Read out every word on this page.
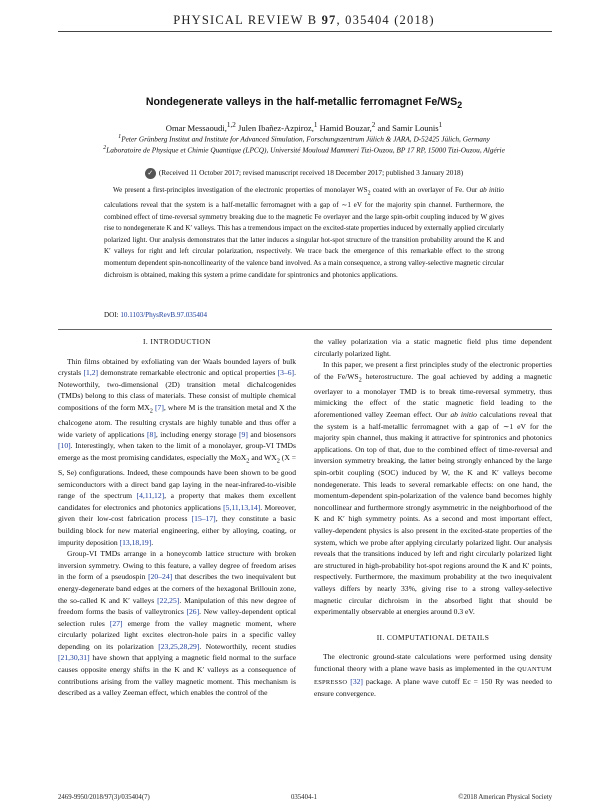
PHYSICAL REVIEW B 97, 035404 (2018)
Nondegenerate valleys in the half-metallic ferromagnet $Fe/WS_2$
Omar Messaoudi,$^{1,2}$ Julen Ibañez-Azpiroz,$^1$ Hamid Bouzar,$^2$ and Samir Lounis$^1$
$^1$Peter Grünberg Institut and Institute for Advanced Simulation, Forschungszentrum Jülich & JARA, D-52425 Jülich, Germany
$^2$Laboratoire de Physique et Chimie Quantique (LPCQ), Université Mouloud Mammeri Tizi-Ouzou, BP 17 RP, 15000 Tizi-Ouzou, Algérie
✓ (Received 11 October 2017; revised manuscript received 18 December 2017; published 3 January 2018)
We present a first-principles investigation of the electronic properties of monolayer $WS_2$ coated with an overlayer of Fe. Our ab initio calculations reveal that the system is a half-metallic ferromagnet with a gap of ∼1 eV for the majority spin channel. Furthermore, the combined effect of time-reversal symmetry breaking due to the magnetic Fe overlayer and the large spin-orbit coupling induced by W gives rise to nondegenerate K and K′ valleys. This has a tremendous impact on the excited-state properties induced by externally applied circularly polarized light. Our analysis demonstrates that the latter induces a singular hot-spot structure of the transition probability around the K and K′ valleys for right and left circular polarization, respectively. We trace back the emergence of this remarkable effect to the strong momentum dependent spin-noncollinearity of the valence band involved. As a main consequence, a strong valley-selective magnetic circular dichroism is obtained, making this system a prime candidate for spintronics and photonics applications.
DOI: 10.1103/PhysRevB.97.035404
I. INTRODUCTION

Thin films obtained by exfoliating van der Waals bounded layers of bulk crystals [1,2] demonstrate remarkable electronic and optical properties [3–6]. Noteworthily, two-dimensional (2D) transition metal dichalcogenides (TMDs) belong to this class of materials. These consist of multiple chemical compositions of the form $MX_2$ [7], where M is the transition metal and X the chalcogene atom. The resulting crystals are highly tunable and thus offer a wide variety of applications [8], including energy storage [9] and biosensors [10]. Interestingly, when taken to the limit of a monolayer, group-VI TMDs emerge as the most promising candidates, especially the MoX$_2$ and $WX_2$ (X = S, Se) configurations. Indeed, these compounds have been shown to be good semiconductors with a direct band gap laying in the near-infrared-to-visible range of the spectrum [4,11,12], a property that makes them excellent candidates for electronics and photonics applications [5,11,13,14]. Moreover, given their low-cost fabrication process [15–17], they constitute a basic building block for new material engineering, either by alloying, coating, or impurity deposition [13,18,19].

Group-VI TMDs arrange in a honeycomb lattice structure with broken inversion symmetry. Owing to this feature, a valley degree of freedom arises in the form of a pseudospin [20–24] that describes the two inequivalent but energy-degenerate band edges at the corners of the hexagonal Brillouin zone, the so-called K and K′ valleys [22,25]. Manipulation of this new degree of freedom forms the basis of valleytronics [26]. New valley-dependent optical selection rules [27] emerge from the valley magnetic moment, where circularly polarized light excites electron-hole pairs in a specific valley depending on its polarization [23,25,28,29]. Noteworthily, recent studies [21,30,31] have shown that applying a magnetic field normal to the surface causes opposite energy shifts in the K and K′ valleys as a consequence of contributions arising from the valley magnetic moment. This mechanism is described as a valley Zeeman effect, which enables the control of the

the valley polarization via a static magnetic field plus time dependent circularly polarized light.

In this paper, we present a first principles study of the electronic properties of the $Fe/WS_2$ heterostructure. The goal achieved by adding a magnetic overlayer to a monolayer TMD is to break time-reversal symmetry, thus mimicking the effect of the static magnetic field leading to the aforementioned valley Zeeman effect. Our ab initio calculations reveal that the system is a half-metallic ferromagnet with a gap of ∼1 eV for the majority spin channel, thus making it attractive for spintronics and photonics applications. On top of that, due to the combined effect of time-reversal and inversion symmetry breaking, the latter being strongly enhanced by the large spin-orbit coupling (SOC) induced by W, the K and K′ valleys become nondegenerate. This leads to several remarkable effects: on one hand, the momentum-dependent spin-polarization of the valence band becomes highly noncollinear and furthermore strongly asymmetric in the neighborhood of the K and K′ high symmetry points. As a second and most important effect, valley-dependent physics is also present in the excited-state properties of the system, which we probe after applying circularly polarized light. Our analysis reveals that the transitions induced by left and right circularly polarized light are structured in high-probability hot-spot regions around the K and K′ points, respectively. Furthermore, the maximum probability at the two inequivalent valleys differs by nearly 33%, giving rise to a strong valley-selective magnetic circular dichroism in the absorbed light that should be experimentally observable at energies around 0.3 eV.

II. COMPUTATIONAL DETAILS

The electronic ground-state calculations were performed using density functional theory with a plane wave basis as implemented in the QUANTUM ESPRESSO [32] package. A plane wave cutoff Ec = 150 Ry was needed to ensure convergence.

2469-9950/2018/97(3)/035404(7)	035404-1	©2018 American Physical Society
